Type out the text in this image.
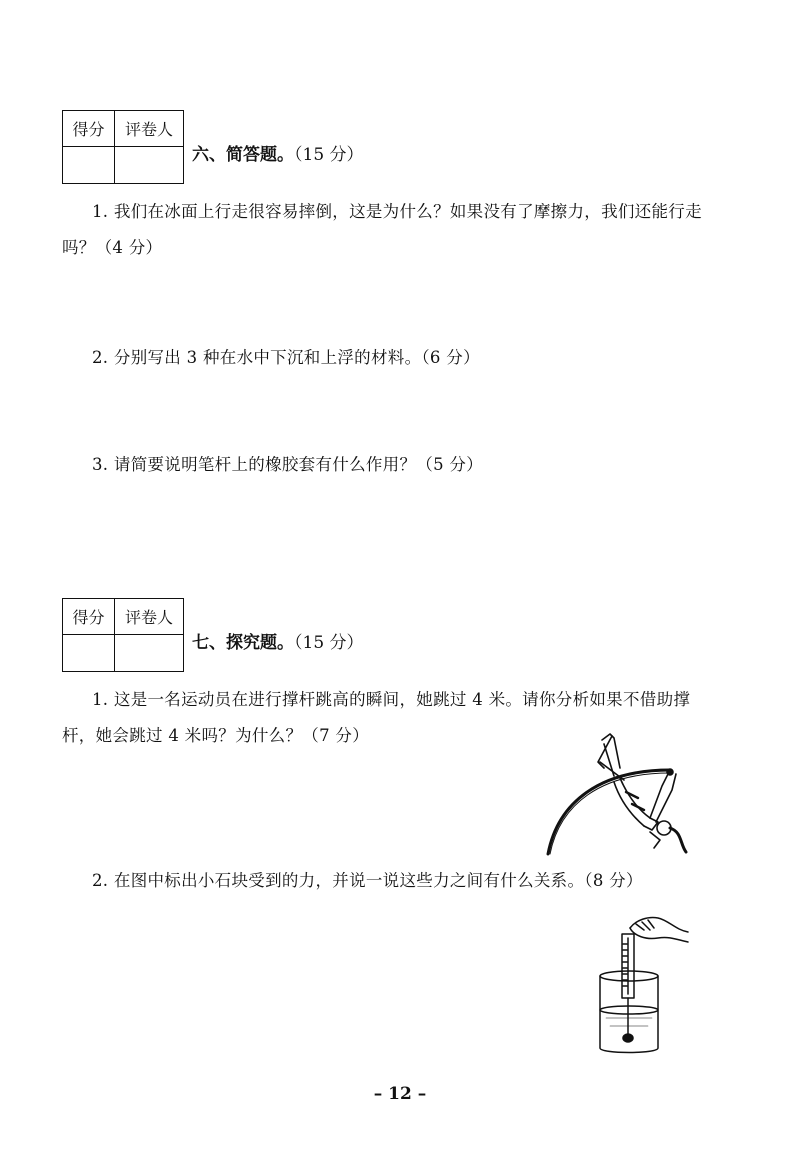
得分	评卷人
六、简答题。（15 分）
1. 我们在冰面上行走很容易摔倒，这是为什么？如果没有了摩擦力，我们还能行走吗？（4 分）
2. 分别写出 3 种在水中下沉和上浮的材料。（6 分）
3. 请简要说明笔杆上的橡胶套有什么作用？（5 分）
得分	评卷人
七、探究题。（15 分）
1. 这是一名运动员在进行撑杆跳高的瞬间，她跳过 4 米。请你分析如果不借助撑杆，她会跳过 4 米吗？为什么？（7 分）
2. 在图中标出小石块受到的力，并说一说这些力之间有什么关系。（8 分）
– 12 –
